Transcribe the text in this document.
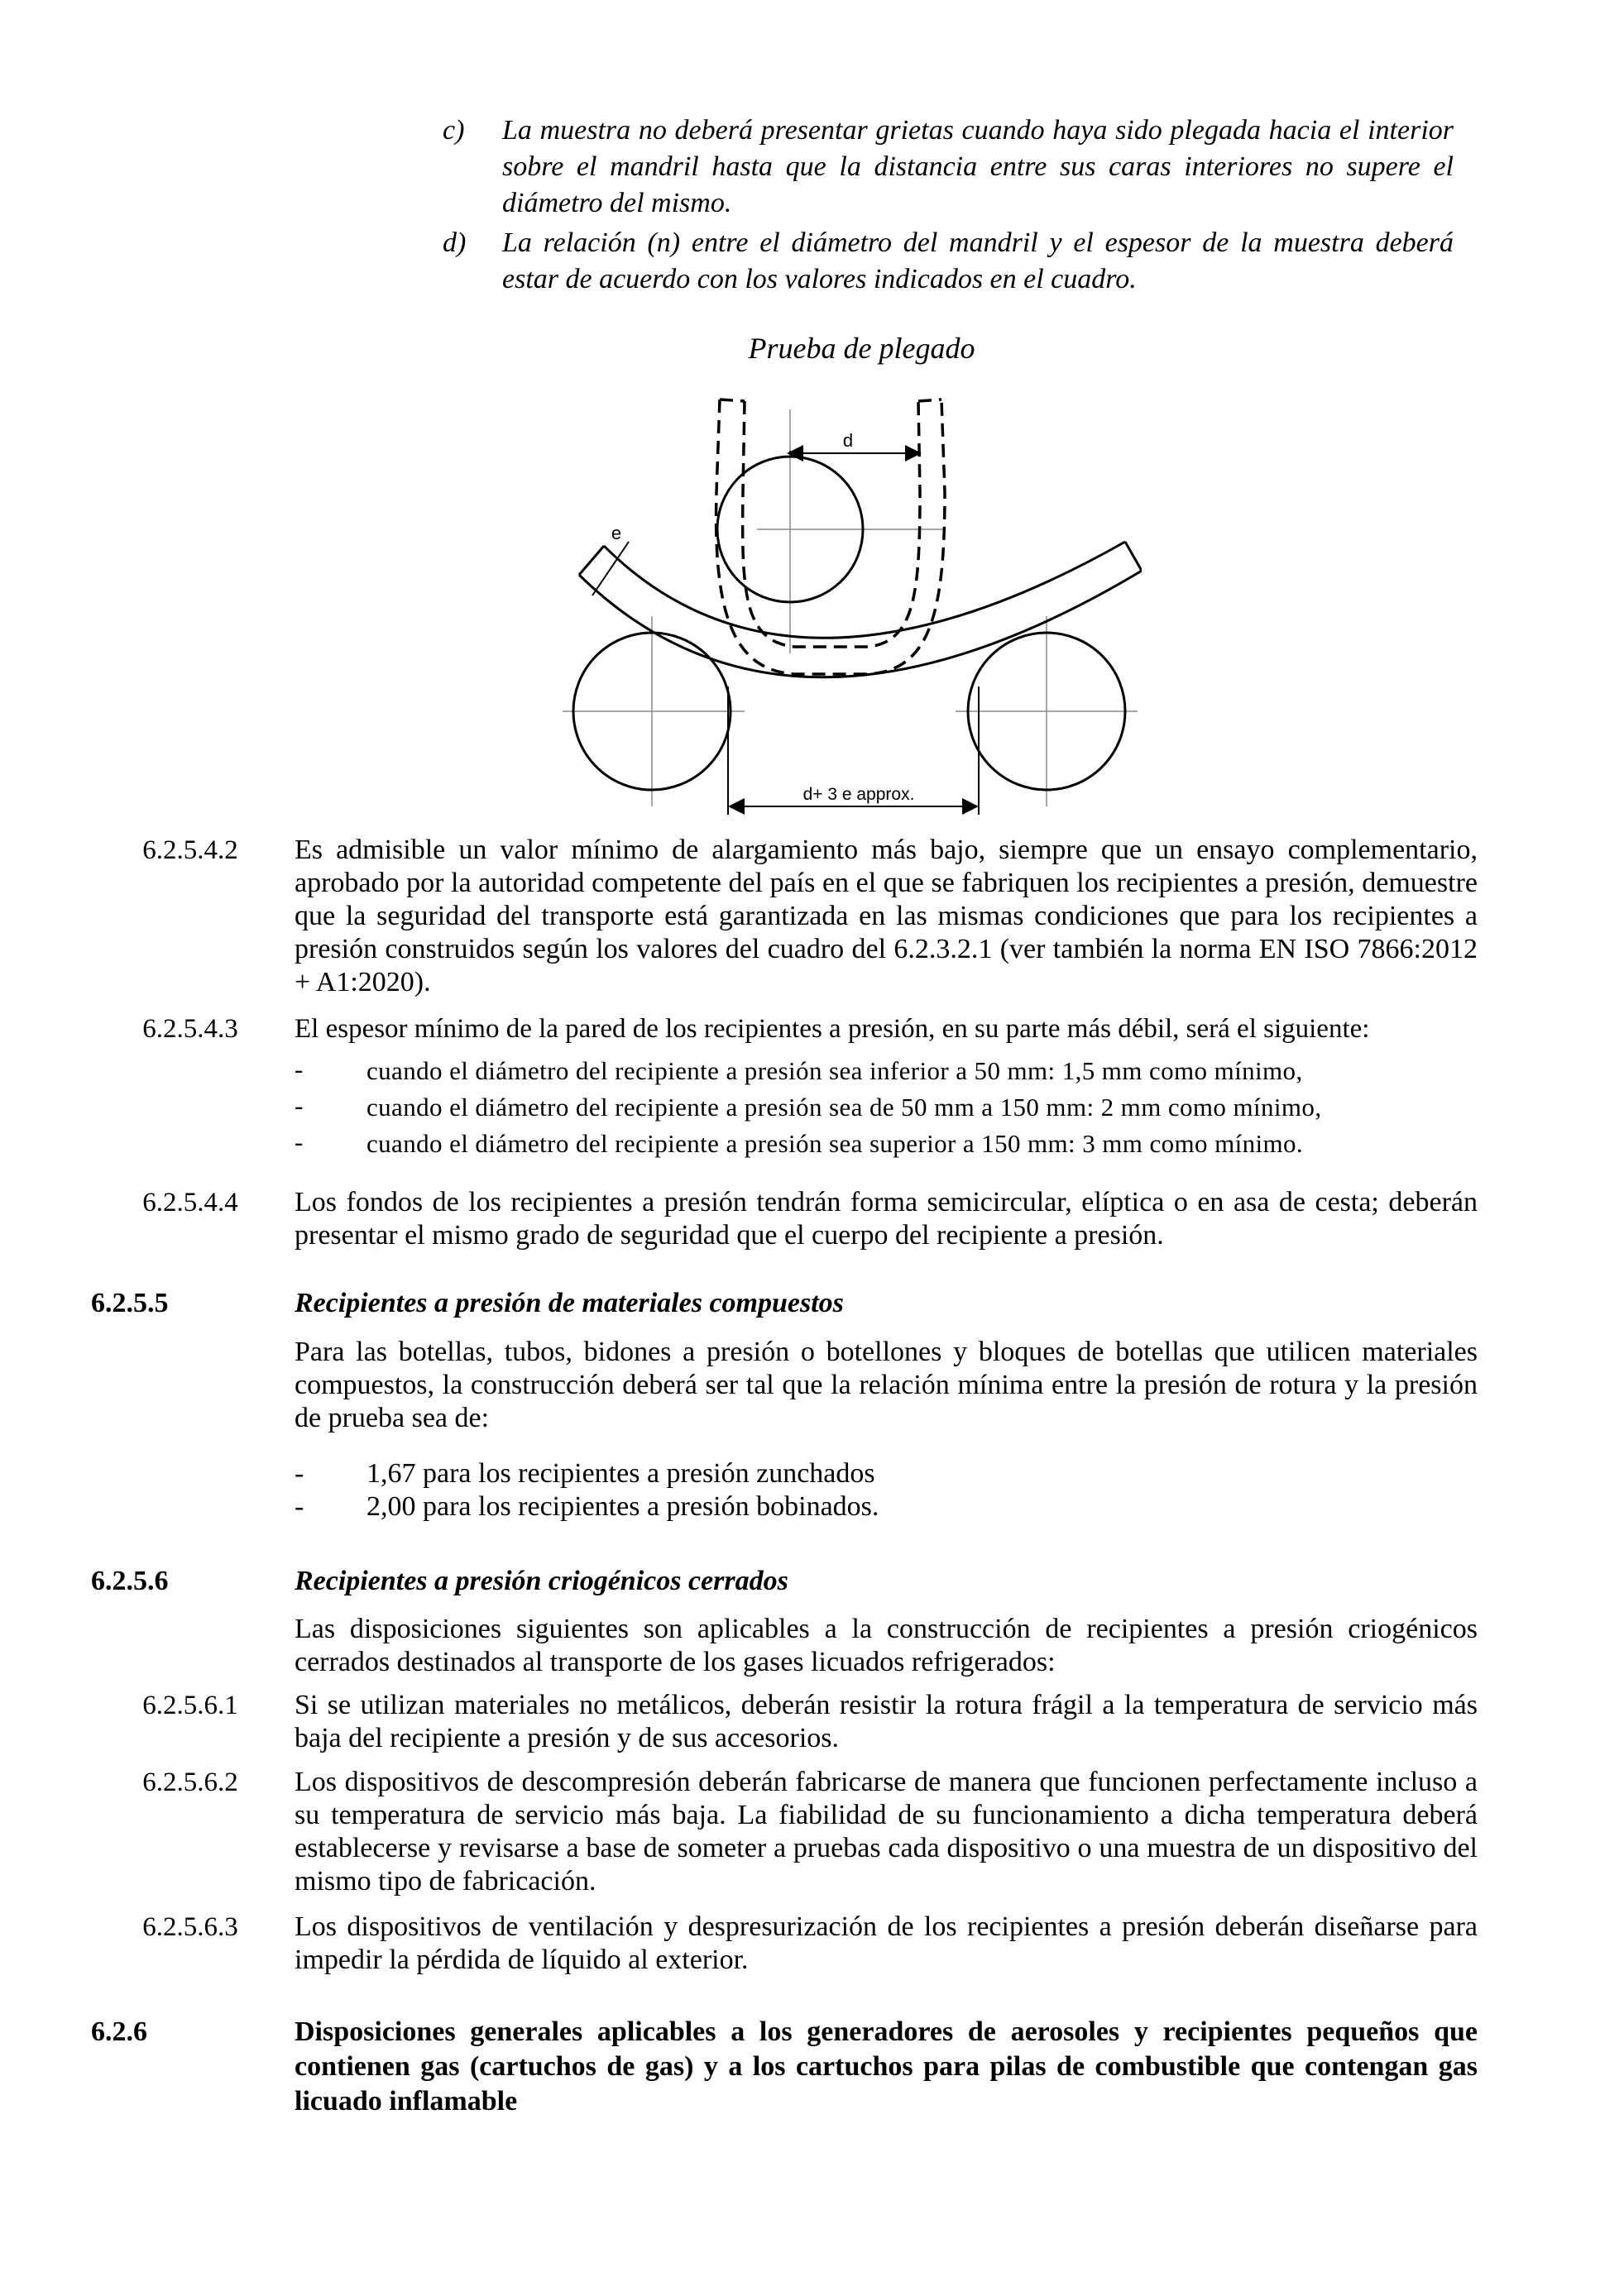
c) La muestra no deberá presentar grietas cuando haya sido plegada hacia el interior sobre el mandril hasta que la distancia entre sus caras interiores no supere el diámetro del mismo.
d) La relación (n) entre el diámetro del mandril y el espesor de la muestra deberá estar de acuerdo con los valores indicados en el cuadro.
Prueba de plegado
d
e
d+ 3 e approx.
6.2.5.4.2	Es admisible un valor mínimo de alargamiento más bajo, siempre que un ensayo complementario, aprobado por la autoridad competente del país en el que se fabriquen los recipientes a presión, demuestre que la seguridad del transporte está garantizada en las mismas condiciones que para los recipientes a presión construidos según los valores del cuadro del 6.2.3.2.1 (ver también la norma EN ISO 7866:2012 + A1:2020).
6.2.5.4.3	El espesor mínimo de la pared de los recipientes a presión, en su parte más débil, será el siguiente:
- cuando el diámetro del recipiente a presión sea inferior a 50 mm: 1,5 mm como mínimo,
- cuando el diámetro del recipiente a presión sea de 50 mm a 150 mm: 2 mm como mínimo,
- cuando el diámetro del recipiente a presión sea superior a 150 mm: 3 mm como mínimo.
6.2.5.4.4	Los fondos de los recipientes a presión tendrán forma semicircular, elíptica o en asa de cesta; deberán presentar el mismo grado de seguridad que el cuerpo del recipiente a presión.
6.2.5.5	Recipientes a presión de materiales compuestos
Para las botellas, tubos, bidones a presión o botellones y bloques de botellas que utilicen materiales compuestos, la construcción deberá ser tal que la relación mínima entre la presión de rotura y la presión de prueba sea de:
- 1,67 para los recipientes a presión zunchados
- 2,00 para los recipientes a presión bobinados.
6.2.5.6	Recipientes a presión criogénicos cerrados
Las disposiciones siguientes son aplicables a la construcción de recipientes a presión criogénicos cerrados destinados al transporte de los gases licuados refrigerados:
6.2.5.6.1	Si se utilizan materiales no metálicos, deberán resistir la rotura frágil a la temperatura de servicio más baja del recipiente a presión y de sus accesorios.
6.2.5.6.2	Los dispositivos de descompresión deberán fabricarse de manera que funcionen perfectamente incluso a su temperatura de servicio más baja. La fiabilidad de su funcionamiento a dicha temperatura deberá establecerse y revisarse a base de someter a pruebas cada dispositivo o una muestra de un dispositivo del mismo tipo de fabricación.
6.2.5.6.3	Los dispositivos de ventilación y despresurización de los recipientes a presión deberán diseñarse para impedir la pérdida de líquido al exterior.
6.2.6	Disposiciones generales aplicables a los generadores de aerosoles y recipientes pequeños que contienen gas (cartuchos de gas) y a los cartuchos para pilas de combustible que contengan gas licuado inflamable
